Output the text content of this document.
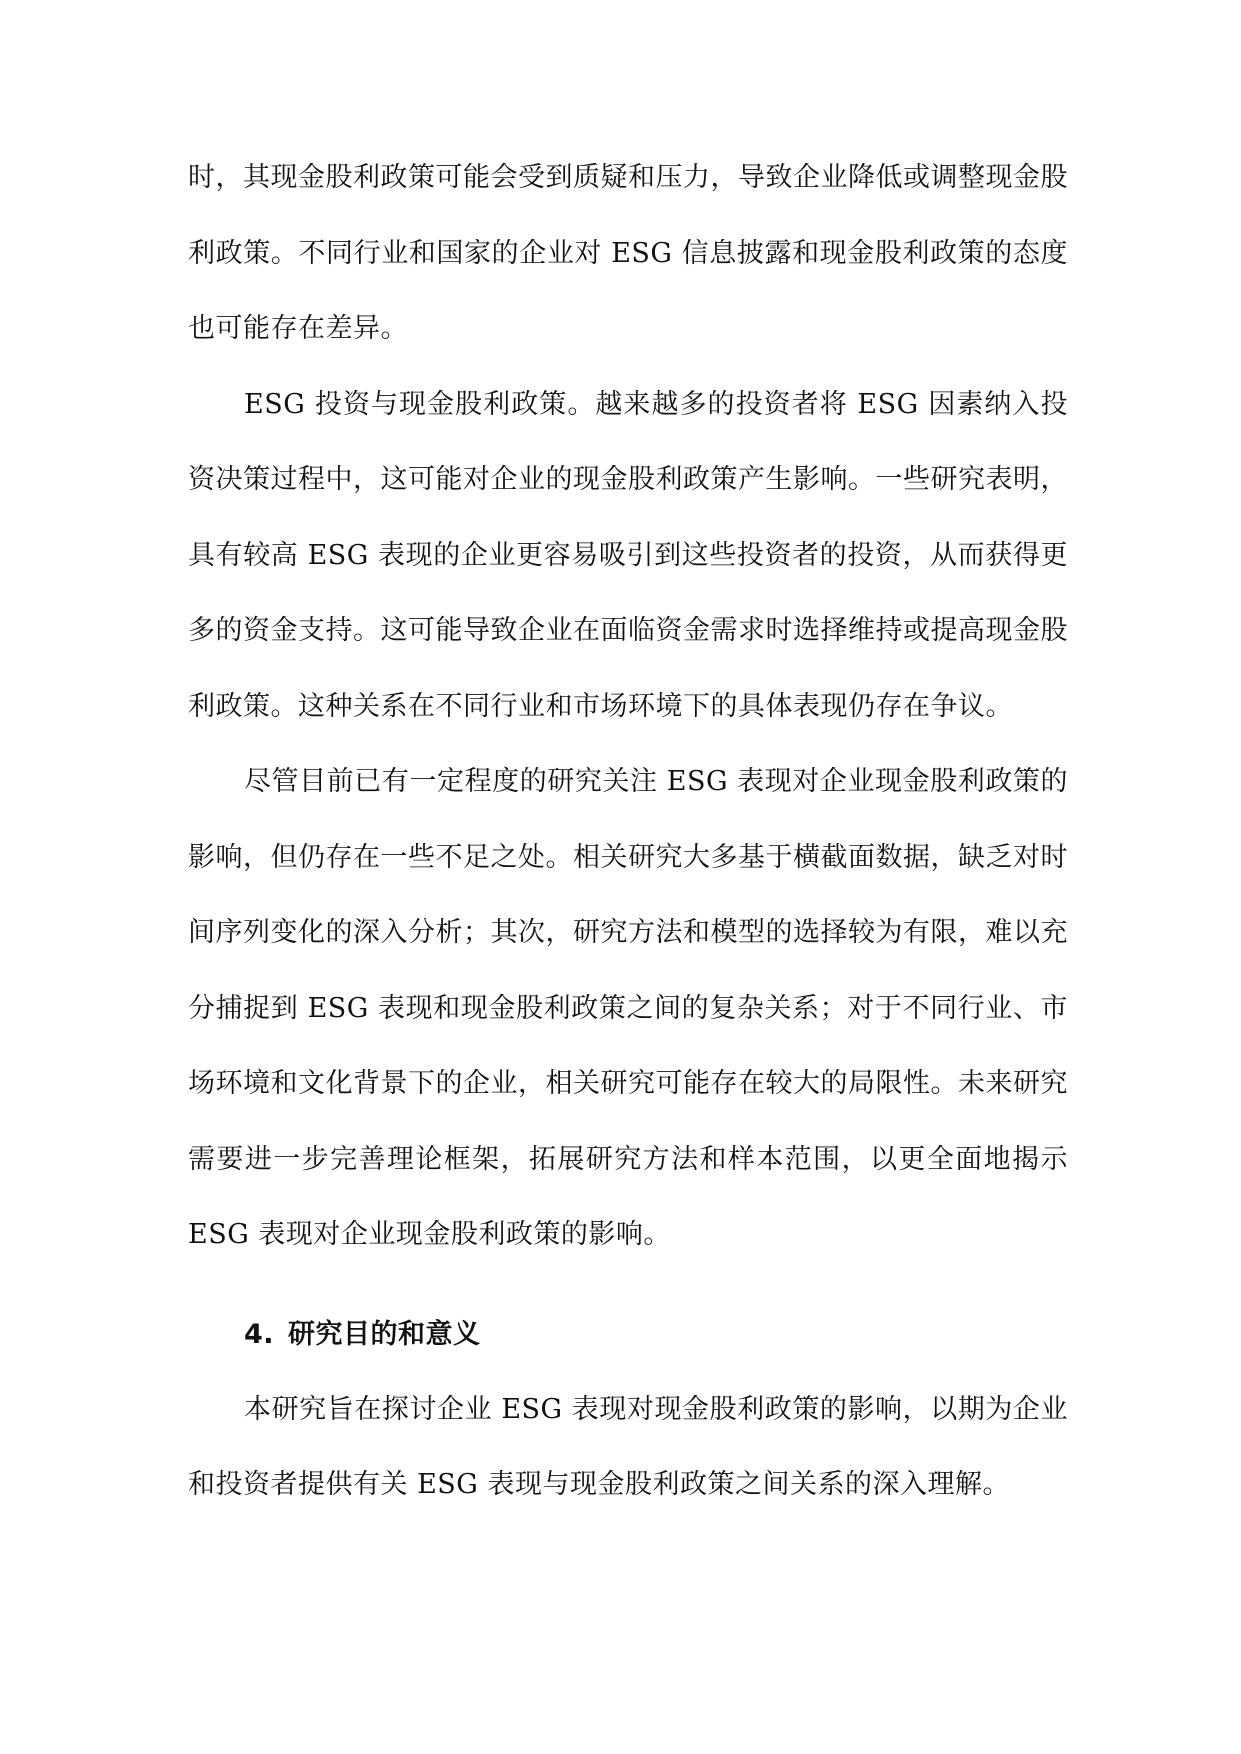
时，其现金股利政策可能会受到质疑和压力，导致企业降低或调整现金股利政策。不同行业和国家的企业对 ESG 信息披露和现金股利政策的态度也可能存在差异。

ESG 投资与现金股利政策。越来越多的投资者将 ESG 因素纳入投资决策过程中，这可能对企业的现金股利政策产生影响。一些研究表明，具有较高 ESG 表现的企业更容易吸引到这些投资者的投资，从而获得更多的资金支持。这可能导致企业在面临资金需求时选择维持或提高现金股利政策。这种关系在不同行业和市场环境下的具体表现仍存在争议。

尽管目前已有一定程度的研究关注 ESG 表现对企业现金股利政策的影响，但仍存在一些不足之处。相关研究大多基于横截面数据，缺乏对时间序列变化的深入分析；其次，研究方法和模型的选择较为有限，难以充分捕捉到 ESG 表现和现金股利政策之间的复杂关系；对于不同行业、市场环境和文化背景下的企业，相关研究可能存在较大的局限性。未来研究需要进一步完善理论框架，拓展研究方法和样本范围，以更全面地揭示 ESG 表现对企业现金股利政策的影响。

4. 研究目的和意义

本研究旨在探讨企业 ESG 表现对现金股利政策的影响，以期为企业和投资者提供有关 ESG 表现与现金股利政策之间关系的深入理解。
